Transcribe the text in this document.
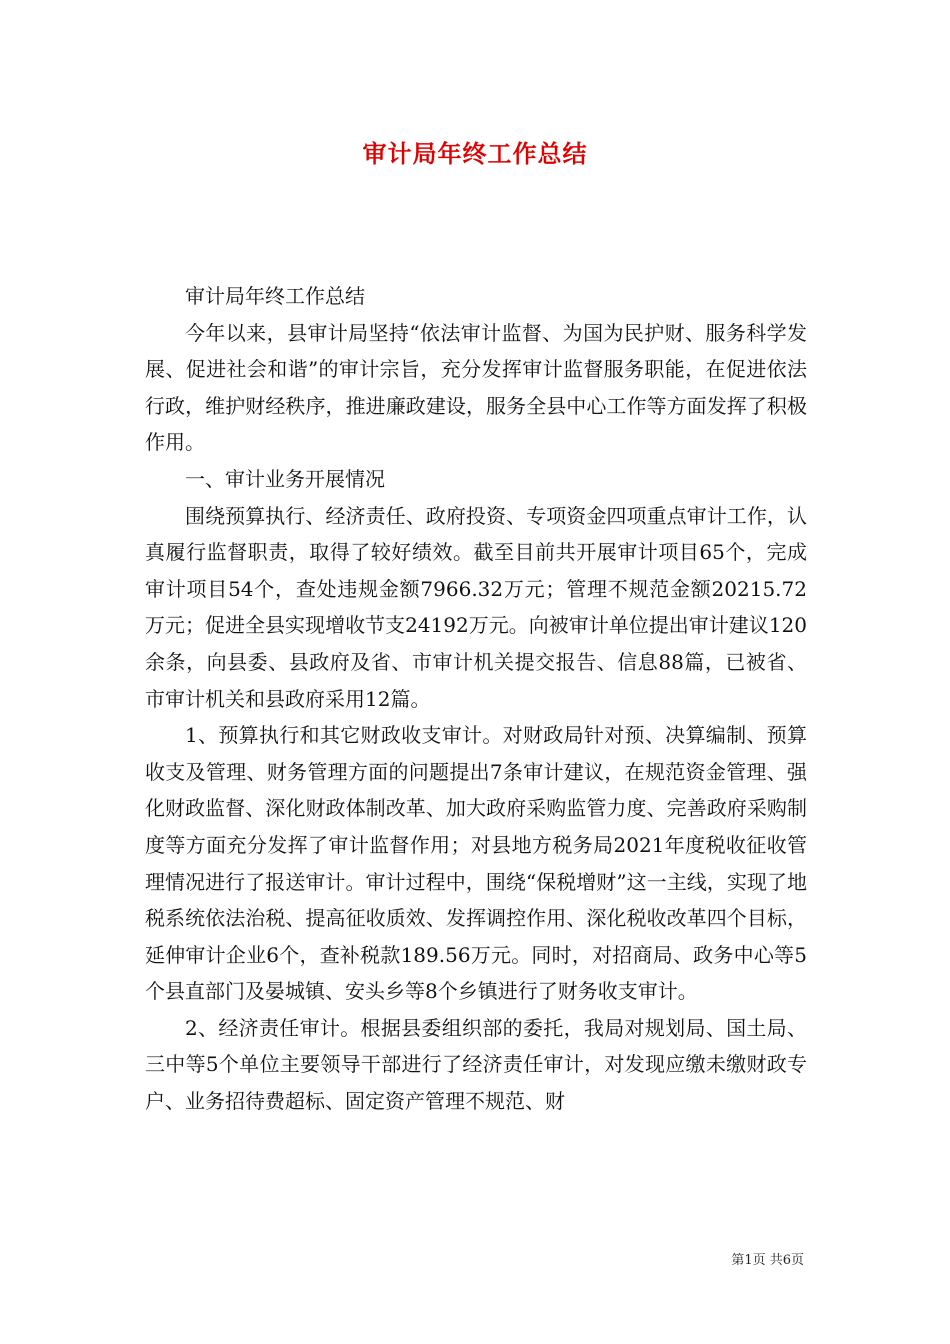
审计局年终工作总结

审计局年终工作总结

今年以来，县审计局坚持“依法审计监督、为国为民护财、服务科学发展、促进社会和谐”的审计宗旨，充分发挥审计监督服务职能，在促进依法行政，维护财经秩序，推进廉政建设，服务全县中心工作等方面发挥了积极作用。

一、审计业务开展情况

围绕预算执行、经济责任、政府投资、专项资金四项重点审计工作，认真履行监督职责，取得了较好绩效。截至目前共开展审计项目65个，完成审计项目54个，查处违规金额7966.32万元；管理不规范金额20215.72万元；促进全县实现增收节支24192万元。向被审计单位提出审计建议120余条，向县委、县政府及省、市审计机关提交报告、信息88篇，已被省、市审计机关和县政府采用12篇。

1、预算执行和其它财政收支审计。对财政局针对预、决算编制、预算收支及管理、财务管理方面的问题提出7条审计建议，在规范资金管理、强化财政监督、深化财政体制改革、加大政府采购监管力度、完善政府采购制度等方面充分发挥了审计监督作用；对县地方税务局2021年度税收征收管理情况进行了报送审计。审计过程中，围绕“保税增财”这一主线，实现了地税系统依法治税、提高征收质效、发挥调控作用、深化税收改革四个目标，延伸审计企业6个，查补税款189.56万元。同时，对招商局、政务中心等5个县直部门及晏城镇、安头乡等8个乡镇进行了财务收支审计。

2、经济责任审计。根据县委组织部的委托，我局对规划局、国土局、三中等5个单位主要领导干部进行了经济责任审计，对发现应缴未缴财政专户、业务招待费超标、固定资产管理不规范、财

第1页 共6页
